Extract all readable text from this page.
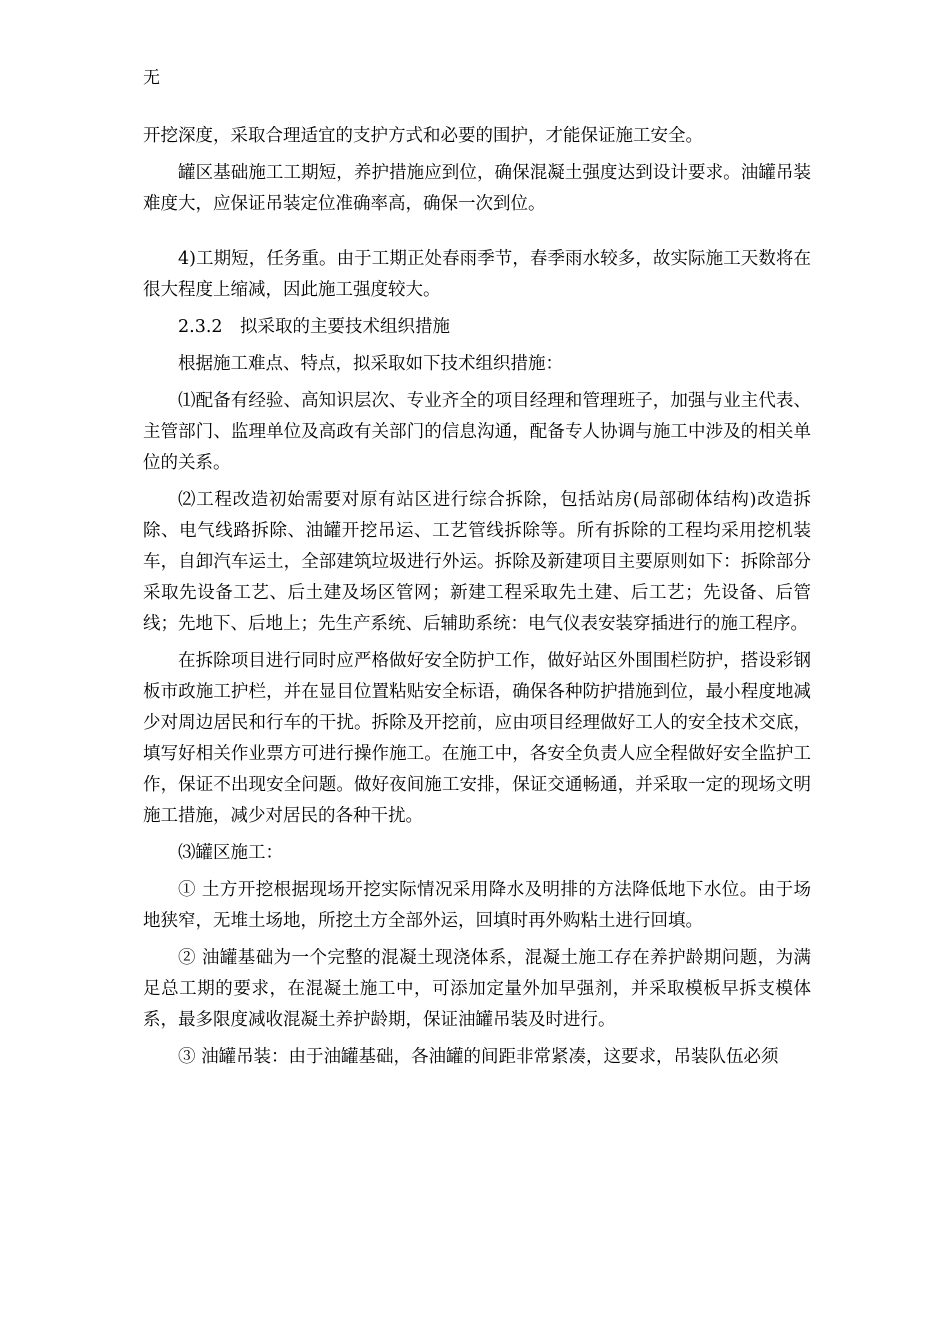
无

开挖深度，采取合理适宜的支护方式和必要的围护，才能保证施工安全。

罐区基础施工工期短，养护措施应到位，确保混凝土强度达到设计要求。油罐吊装难度大，应保证吊装定位准确率高，确保一次到位。

4)工期短，任务重。由于工期正处春雨季节，春季雨水较多，故实际施工天数将在很大程度上缩减，因此施工强度较大。

2.3.2　拟采取的主要技术组织措施

根据施工难点、特点，拟采取如下技术组织措施：

⑴配备有经验、高知识层次、专业齐全的项目经理和管理班子，加强与业主代表、主管部门、监理单位及高政有关部门的信息沟通，配备专人协调与施工中涉及的相关单位的关系。

⑵工程改造初始需要对原有站区进行综合拆除，包括站房(局部砌体结构)改造拆除、电气线路拆除、油罐开挖吊运、工艺管线拆除等。所有拆除的工程均采用挖机装车，自卸汽车运土，全部建筑垃圾进行外运。拆除及新建项目主要原则如下：拆除部分采取先设备工艺、后土建及场区管网；新建工程采取先土建、后工艺；先设备、后管线；先地下、后地上；先生产系统、后辅助系统：电气仪表安装穿插进行的施工程序。

在拆除项目进行同时应严格做好安全防护工作，做好站区外围围栏防护，搭设彩钢板市政施工护栏，并在显目位置粘贴安全标语，确保各种防护措施到位，最小程度地减少对周边居民和行车的干扰。拆除及开挖前，应由项目经理做好工人的安全技术交底，填写好相关作业票方可进行操作施工。在施工中，各安全负责人应全程做好安全监护工作，保证不出现安全问题。做好夜间施工安排，保证交通畅通，并采取一定的现场文明施工措施，减少对居民的各种干扰。

⑶罐区施工：

① 土方开挖根据现场开挖实际情况采用降水及明排的方法降低地下水位。由于场地狭窄，无堆土场地，所挖土方全部外运，回填时再外购粘土进行回填。

② 油罐基础为一个完整的混凝土现浇体系，混凝土施工存在养护龄期问题，为满足总工期的要求，在混凝土施工中，可添加定量外加早强剂，并采取模板早拆支模体系，最多限度减收混凝土养护龄期，保证油罐吊装及时进行。

③ 油罐吊装：由于油罐基础，各油罐的间距非常紧凑，这要求，吊装队伍必须
